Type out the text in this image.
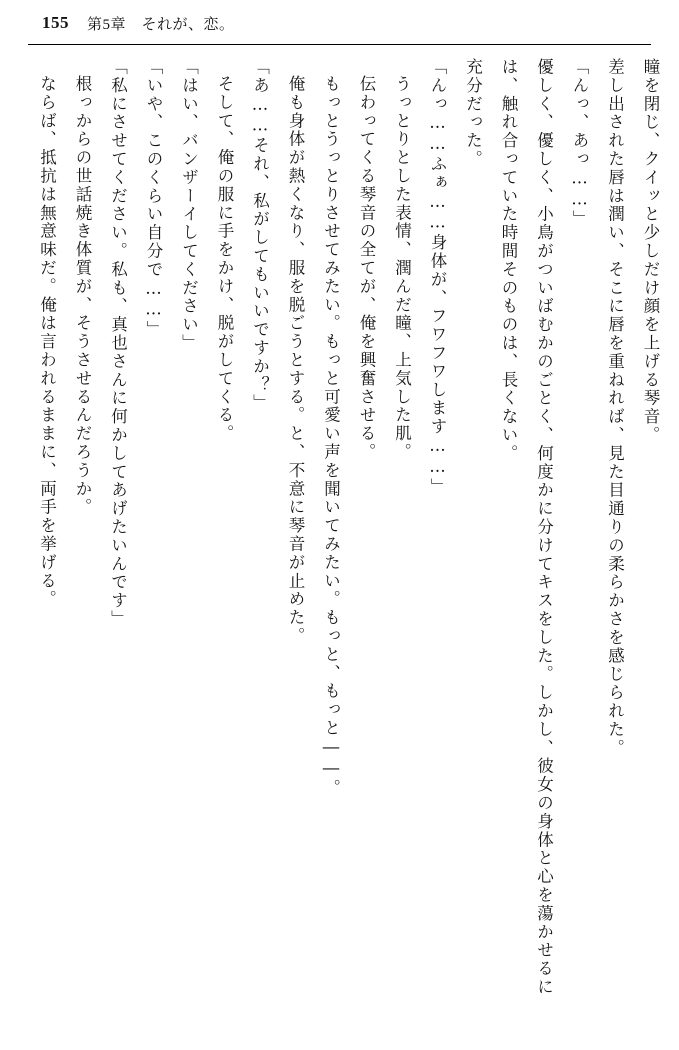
155 第5章　それが、恋。

瞳を閉じ、クイッと少しだけ顔を上げる琴音。

差し出された唇は潤い、そこに唇を重ねれば、見た目通りの柔らかさを感じられた。

「んっ、あっ……」

優しく、優しく、小鳥がついばむかのごとく、何度かに分けてキスをした。しかし、彼女の身体と心を蕩かせるには、触れ合っていた時間そのものは、長くない。

充分だった。

「んっ……ふぁ……身体が、フワフワします……」

うっとりとした表情、潤んだ瞳、上気した肌。

伝わってくる琴音の全てが、俺を興奮させる。

もっとうっとりさせてみたい。もっと可愛い声を聞いてみたい。もっと、もっと――。

俺も身体が熱くなり、服を脱ごうとする。と、不意に琴音が止めた。

「あ……それ、私がしてもいいですか？」

そして、俺の服に手をかけ、脱がしてくる。

「はい、バンザーイしてください」

「いや、このくらい自分で……」

「私にさせてください。私も、真也さんに何かしてあげたいんです」

根っからの世話焼き体質が、そうさせるんだろうか。

ならば、抵抗は無意味だ。俺は言われるままに、両手を挙げる。
